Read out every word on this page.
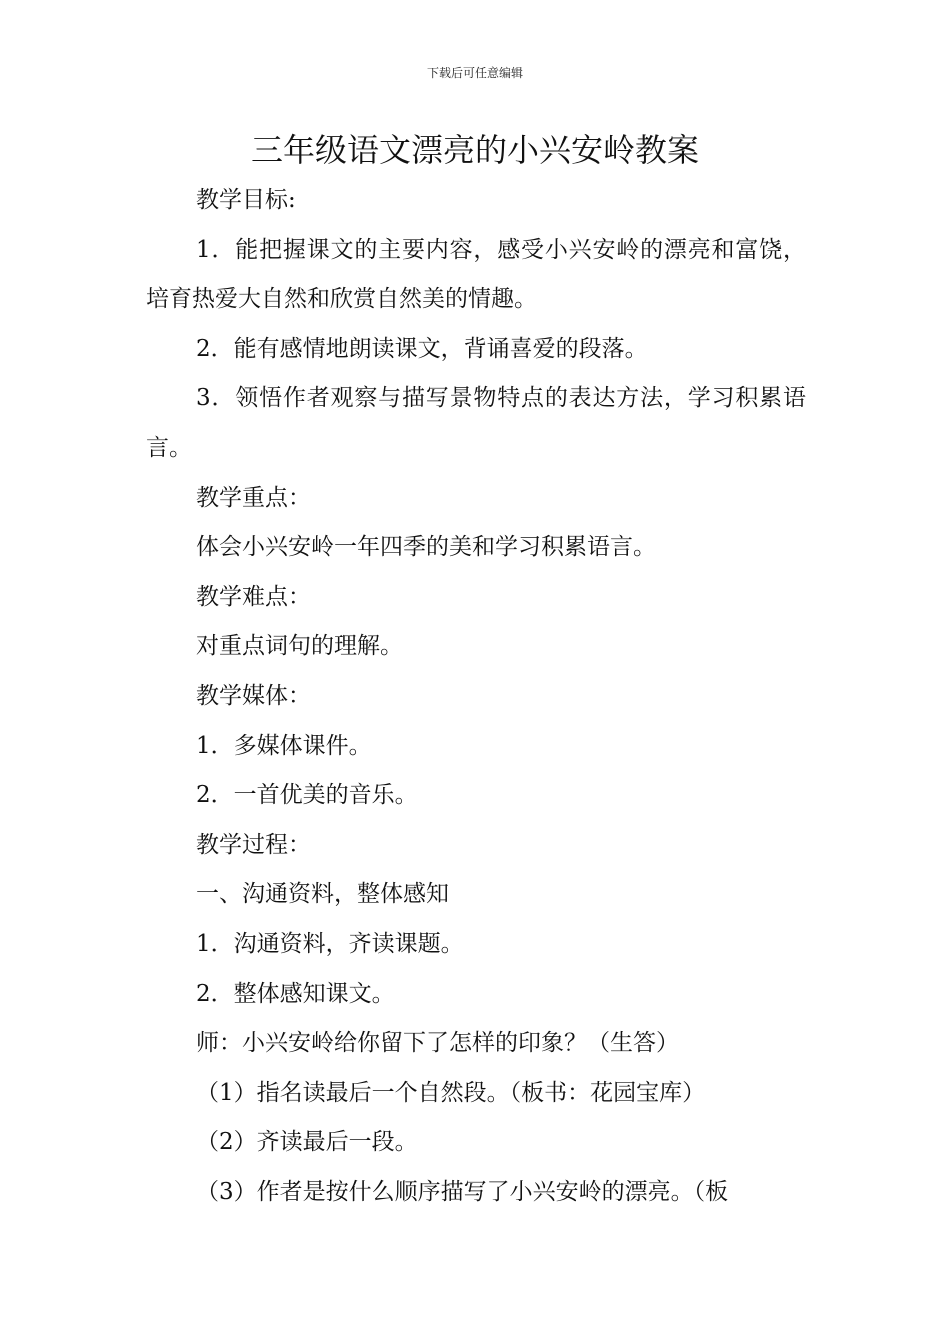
下载后可任意编辑
三年级语文漂亮的小兴安岭教案

教学目标:

1．能把握课文的主要内容，感受小兴安岭的漂亮和富饶，培育热爱大自然和欣赏自然美的情趣。

2．能有感情地朗读课文，背诵喜爱的段落。

3．领悟作者观察与描写景物特点的表达方法，学习积累语言。

教学重点：

体会小兴安岭一年四季的美和学习积累语言。

教学难点：

对重点词句的理解。

教学媒体：

1．多媒体课件。

2．一首优美的音乐。

教学过程：

一、沟通资料，整体感知

1．沟通资料，齐读课题。

2．整体感知课文。

师：小兴安岭给你留下了怎样的印象？（生答）

（1）指名读最后一个自然段。（板书：花园宝库）

（2）齐读最后一段。

（3）作者是按什么顺序描写了小兴安岭的漂亮。（板
